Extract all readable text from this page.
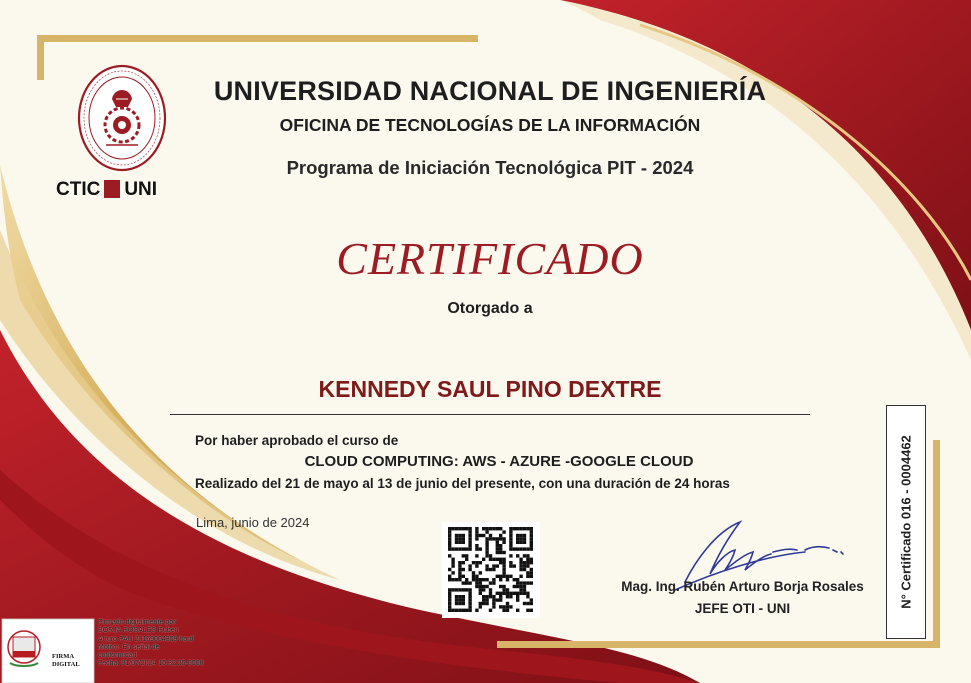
CTIC UNI
UNIVERSIDAD NACIONAL DE INGENIERÍA
OFICINA DE TECNOLOGÍAS DE LA INFORMACIÓN
Programa de Iniciación Tecnológica PIT - 2024
CERTIFICADO
Otorgado a
KENNEDY SAUL PINO DEXTRE
Por haber aprobado el curso de
CLOUD COMPUTING: AWS - AZURE -GOOGLE CLOUD
Realizado del 21 de mayo al 13 de junio del presente, con una duración de 24 horas
Lima, junio de 2024
Mag. Ing. Rubén Arturo Borja Rosales
JEFE OTI - UNI	N° Certificado 016 - 0004462
FIRMA
DIGITAL
Firmado digitalmente por:
BORJA ROSALES Ruben
Arturo FAU 20169004359 hard
Motivo: En señal de
conformidad
Fecha: 01/07/2024 15:32:25-0500
